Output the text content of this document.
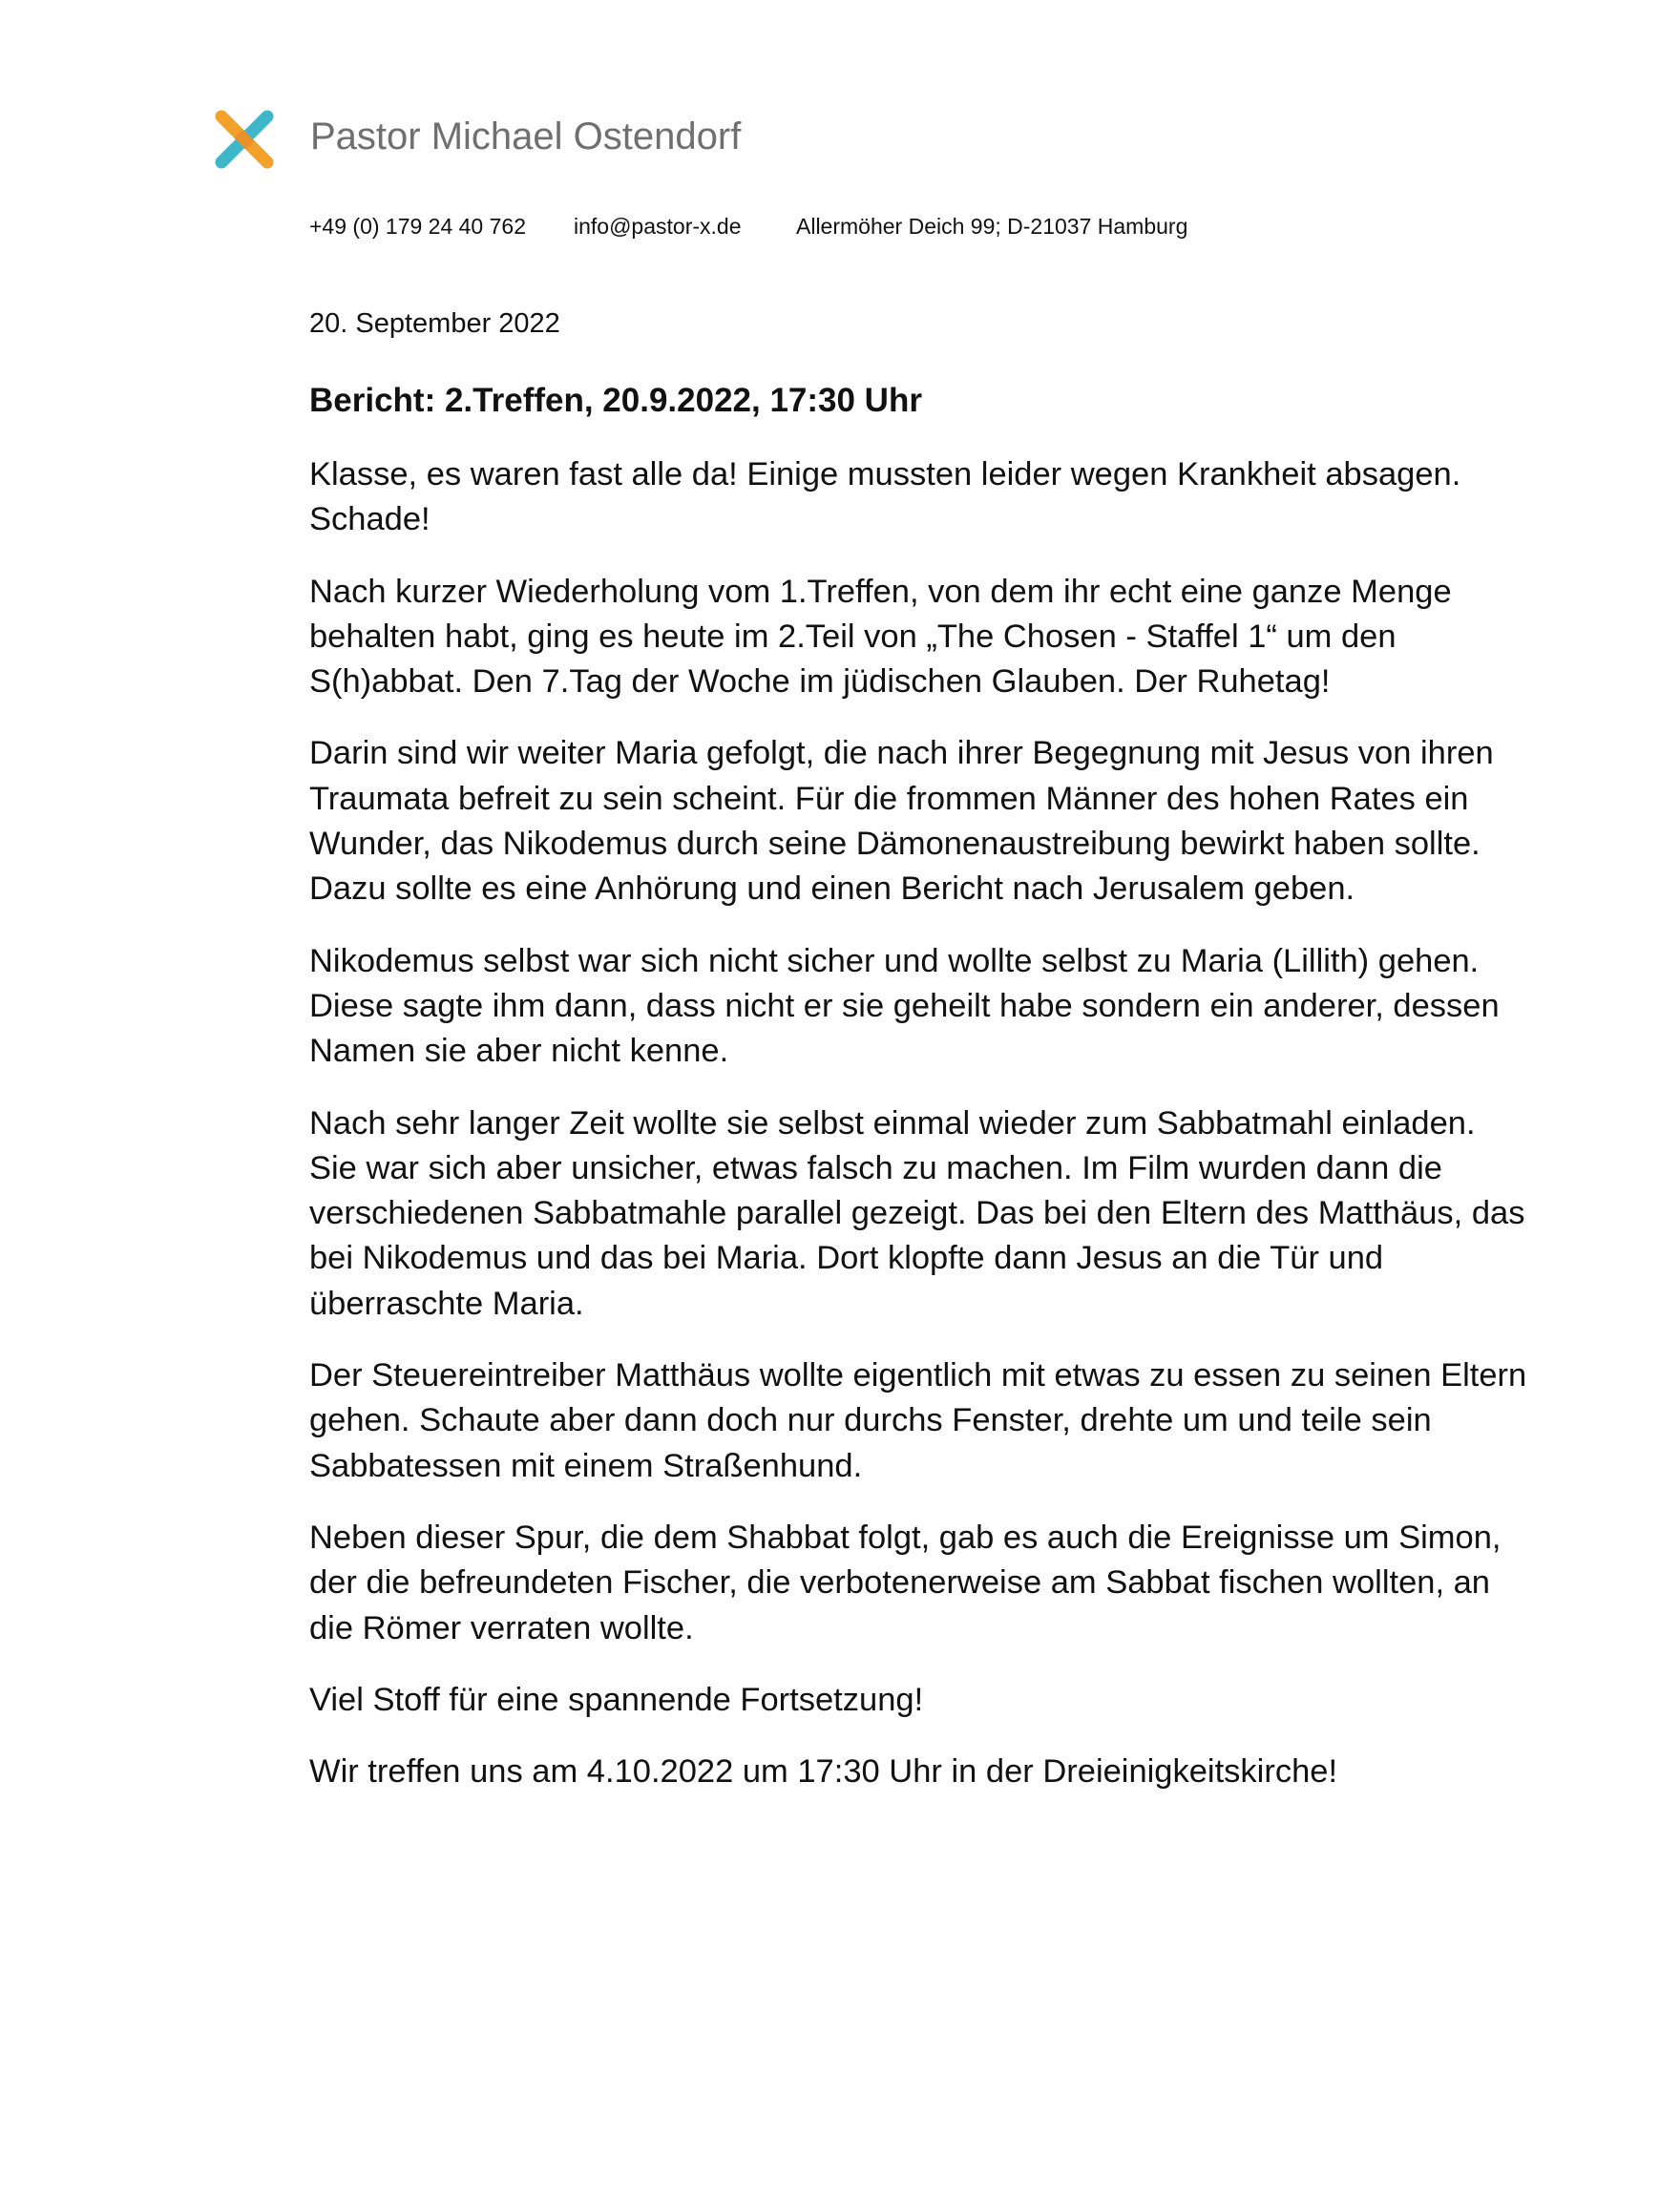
Pastor Michael Ostendorf
+49 (0) 179 24 40 762 info@pastor-x.de	Allermöher Deich 99; D-21037 Hamburg
20. September 2022
Bericht: 2.Treffen, 20.9.2022, 17:30 Uhr

Klasse, es waren fast alle da! Einige mussten leider wegen Krankheit absagen. Schade!

Nach kurzer Wiederholung vom 1.Treffen, von dem ihr echt eine ganze Menge behalten habt, ging es heute im 2.Teil von „The Chosen - Staffel 1“ um den S(h)abbat. Den 7.Tag der Woche im jüdischen Glauben. Der Ruhetag!

Darin sind wir weiter Maria gefolgt, die nach ihrer Begegnung mit Jesus von ihren Traumata befreit zu sein scheint. Für die frommen Männer des hohen Rates ein Wunder, das Nikodemus durch seine Dämonenaustreibung bewirkt haben sollte. Dazu sollte es eine Anhörung und einen Bericht nach Jerusalem geben.

Nikodemus selbst war sich nicht sicher und wollte selbst zu Maria (Lillith) gehen. Diese sagte ihm dann, dass nicht er sie geheilt habe sondern ein anderer, dessen Namen sie aber nicht kenne.

Nach sehr langer Zeit wollte sie selbst einmal wieder zum Sabbatmahl einladen. Sie war sich aber unsicher, etwas falsch zu machen. Im Film wurden dann die verschiedenen Sabbatmahle parallel gezeigt. Das bei den Eltern des Matthäus, das bei Nikodemus und das bei Maria. Dort klopfte dann Jesus an die Tür und überraschte Maria.

Der Steuereintreiber Matthäus wollte eigentlich mit etwas zu essen zu seinen Eltern gehen. Schaute aber dann doch nur durchs Fenster, drehte um und teile sein Sabbatessen mit einem Straßenhund.

Neben dieser Spur, die dem Shabbat folgt, gab es auch die Ereignisse um Simon, der die befreundeten Fischer, die verbotenerweise am Sabbat fischen wollten, an die Römer verraten wollte.

Viel Stoff für eine spannende Fortsetzung!

Wir treffen uns am 4.10.2022 um 17:30 Uhr in der Dreieinigkeitskirche!
